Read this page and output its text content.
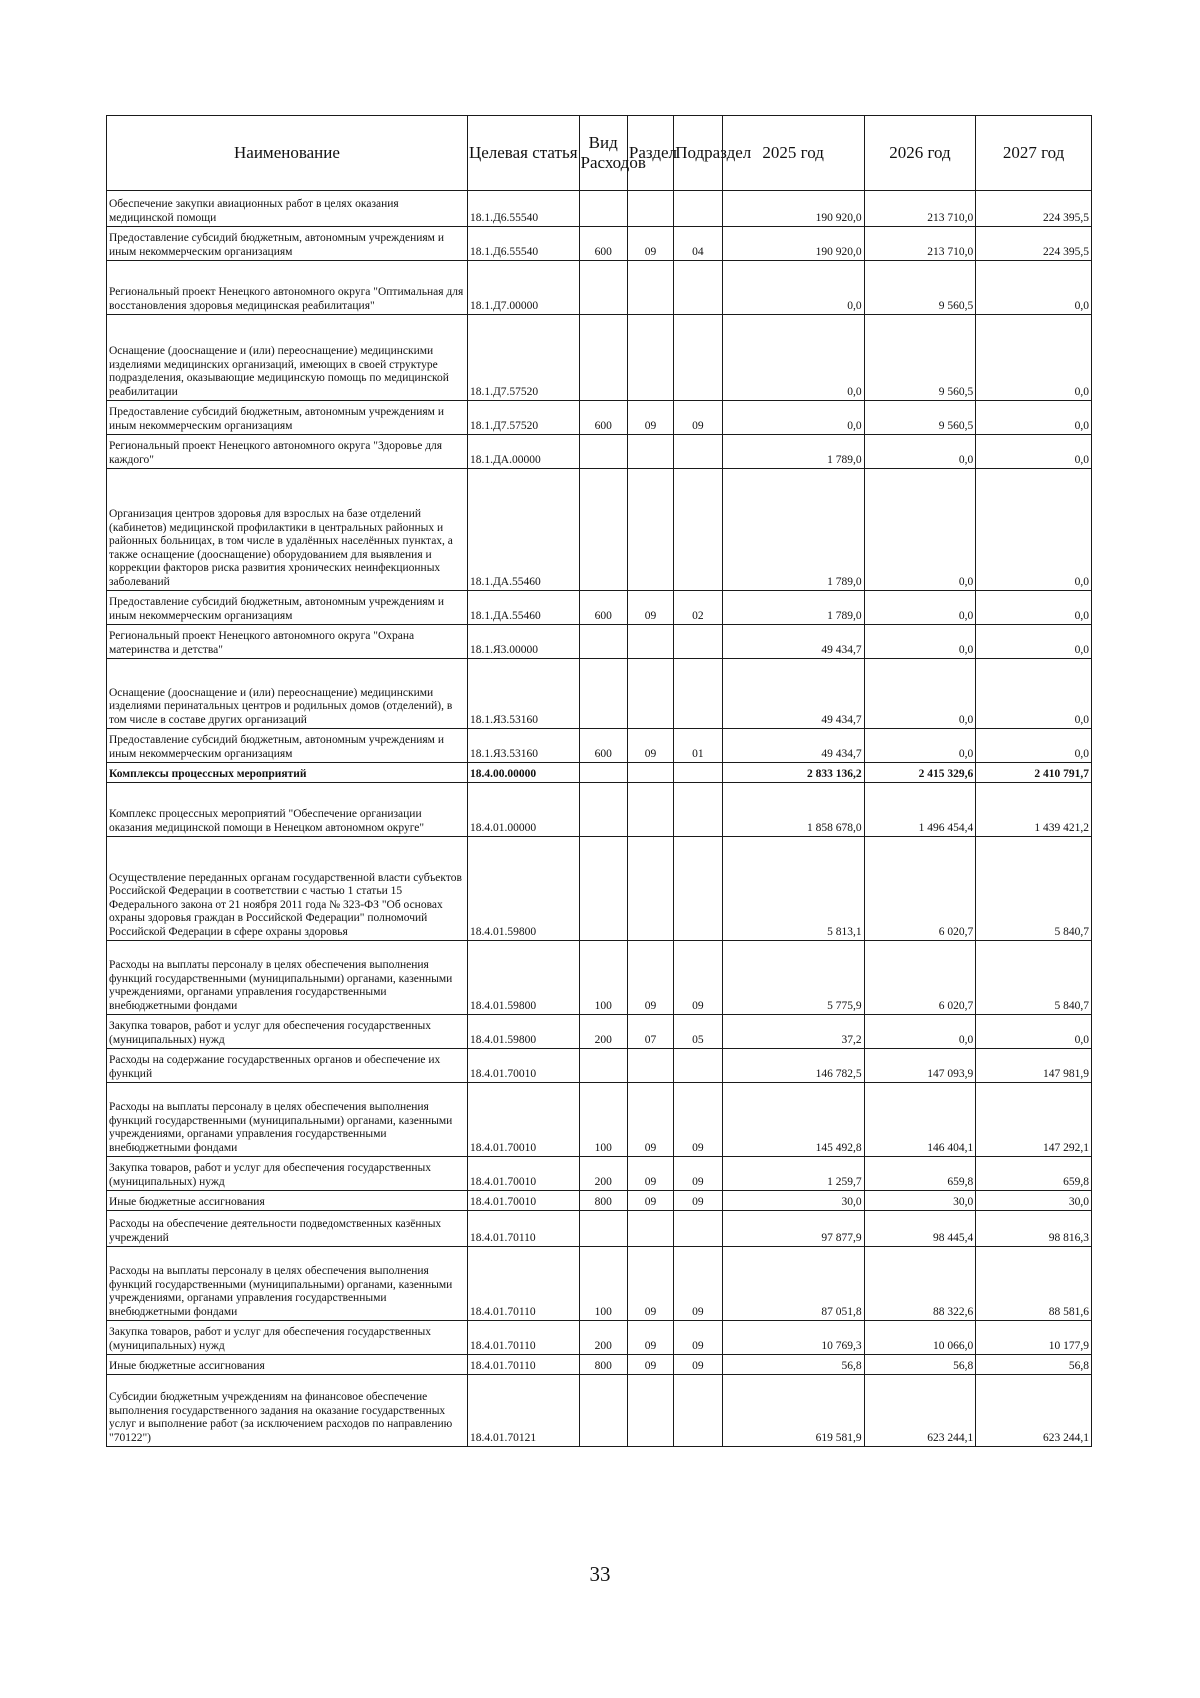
Наименование	Целевая статья	Вид Расходов	Раздел	Подраздел	2025 год	2026 год	2027 год
Обеспечение закупки авиационных работ в целях оказания медицинской помощи	18.1.Д6.55540				190 920,0	213 710,0	224 395,5
Предоставление субсидий бюджетным, автономным учреждениям и иным некоммерческим организациям	18.1.Д6.55540	600	09	04	190 920,0	213 710,0	224 395,5
Региональный проект Ненецкого автономного округа "Оптимальная для восстановления здоровья медицинская реабилитация"	18.1.Д7.00000				0,0	9 560,5	0,0
Оснащение (дооснащение и (или) переоснащение) медицинскими изделиями медицинских организаций, имеющих в своей структуре подразделения, оказывающие медицинскую помощь по медицинской реабилитации	18.1.Д7.57520				0,0	9 560,5	0,0
Предоставление субсидий бюджетным, автономным учреждениям и иным некоммерческим организациям	18.1.Д7.57520	600	09	09	0,0	9 560,5	0,0
Региональный проект Ненецкого автономного округа "Здоровье для каждого"	18.1.ДА.00000				1 789,0	0,0	0,0
Организация центров здоровья для взрослых на базе отделений (кабинетов) медицинской профилактики в центральных районных и районных больницах, в том числе в удалённых населённых пунктах, а также оснащение (дооснащение) оборудованием для выявления и коррекции факторов риска развития хронических неинфекционных заболеваний	18.1.ДА.55460				1 789,0	0,0	0,0
Предоставление субсидий бюджетным, автономным учреждениям и иным некоммерческим организациям	18.1.ДА.55460	600	09	02	1 789,0	0,0	0,0
Региональный проект Ненецкого автономного округа "Охрана материнства и детства"	18.1.Я3.00000				49 434,7	0,0	0,0
Оснащение (дооснащение и (или) переоснащение) медицинскими изделиями перинатальных центров и родильных домов (отделений), в том числе в составе других организаций	18.1.Я3.53160				49 434,7	0,0	0,0
Предоставление субсидий бюджетным, автономным учреждениям и иным некоммерческим организациям	18.1.Я3.53160	600	09	01	49 434,7	0,0	0,0
Комплексы процессных мероприятий	18.4.00.00000				2 833 136,2	2 415 329,6	2 410 791,7
Комплекс процессных мероприятий "Обеспечение организации оказания медицинской помощи в Ненецком автономном округе"	18.4.01.00000				1 858 678,0	1 496 454,4	1 439 421,2
Осуществление переданных органам государственной власти субъектов Российской Федерации в соответствии с частью 1 статьи 15 Федерального закона от 21 ноября 2011 года № 323-ФЗ "Об основах охраны здоровья граждан в Российской Федерации" полномочий Российской Федерации в сфере охраны здоровья	18.4.01.59800				5 813,1	6 020,7	5 840,7
Расходы на выплаты персоналу в целях обеспечения выполнения функций государственными (муниципальными) органами, казенными учреждениями, органами управления государственными внебюджетными фондами	18.4.01.59800	100	09	09	5 775,9	6 020,7	5 840,7
Закупка товаров, работ и услуг для обеспечения государственных (муниципальных) нужд	18.4.01.59800	200	07	05	37,2	0,0	0,0
Расходы на содержание государственных органов и обеспечение их функций	18.4.01.70010				146 782,5	147 093,9	147 981,9
Расходы на выплаты персоналу в целях обеспечения выполнения функций государственными (муниципальными) органами, казенными учреждениями, органами управления государственными внебюджетными фондами	18.4.01.70010	100	09	09	145 492,8	146 404,1	147 292,1
Закупка товаров, работ и услуг для обеспечения государственных (муниципальных) нужд	18.4.01.70010	200	09	09	1 259,7	659,8	659,8
Иные бюджетные ассигнования	18.4.01.70010	800	09	09	30,0	30,0	30,0
Расходы на обеспечение деятельности подведомственных казённых учреждений	18.4.01.70110				97 877,9	98 445,4	98 816,3
Расходы на выплаты персоналу в целях обеспечения выполнения функций государственными (муниципальными) органами, казенными учреждениями, органами управления государственными внебюджетными фондами	18.4.01.70110	100	09	09	87 051,8	88 322,6	88 581,6
Закупка товаров, работ и услуг для обеспечения государственных (муниципальных) нужд	18.4.01.70110	200	09	09	10 769,3	10 066,0	10 177,9
Иные бюджетные ассигнования	18.4.01.70110	800	09	09	56,8	56,8	56,8
Субсидии бюджетным учреждениям на финансовое обеспечение выполнения государственного задания на оказание государственных услуг и выполнение работ (за исключением расходов по направлению "70122")	18.4.01.70121				619 581,9	623 244,1	623 244,1
33
